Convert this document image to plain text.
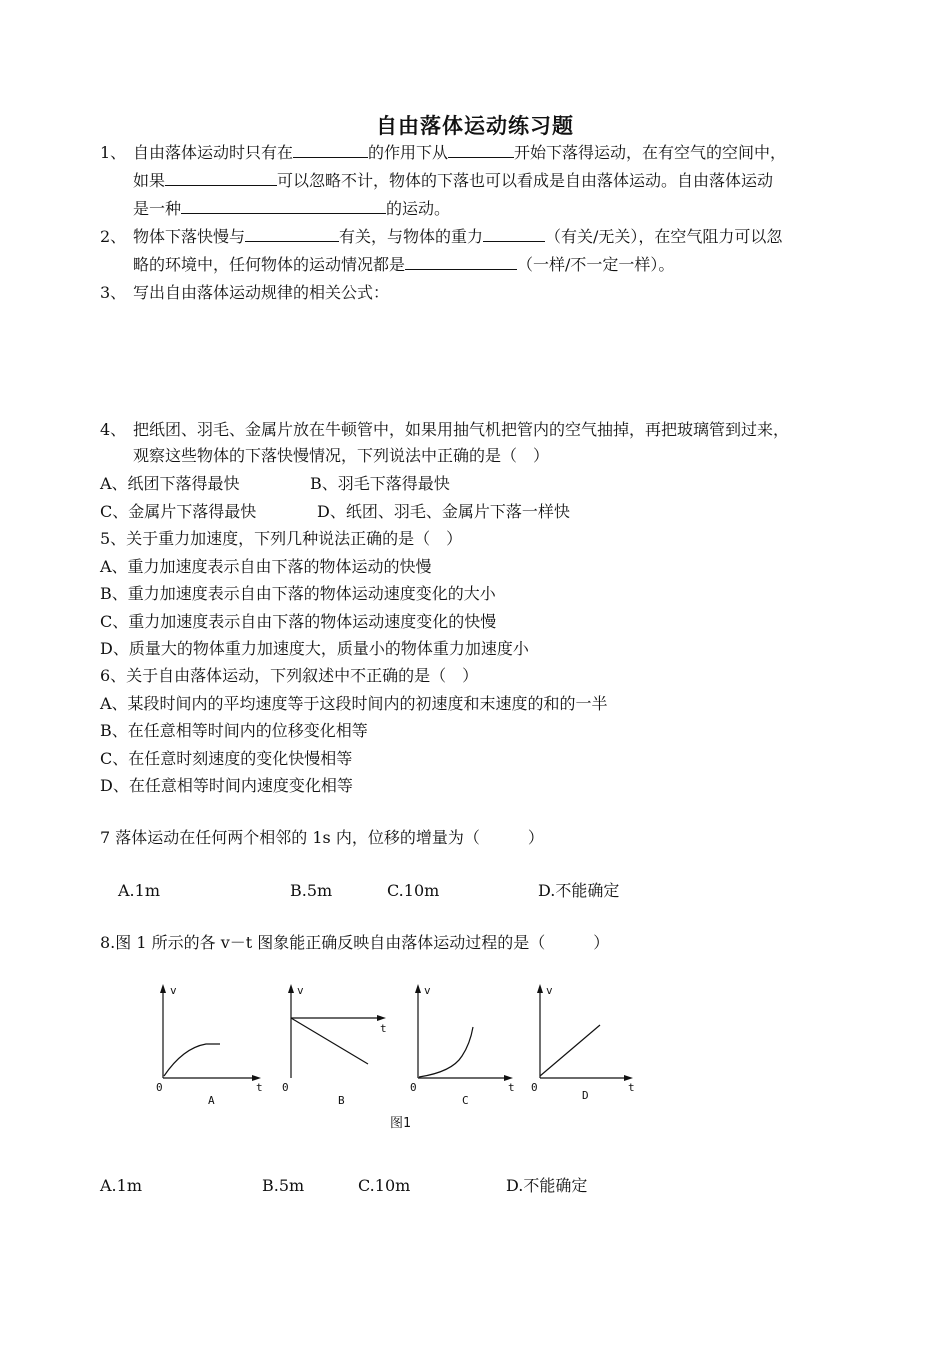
自由落体运动练习题
1、 自由落体运动时只有在	的作用下从	开始下落得运动，在有空气的空间中，
如果	可以忽略不计，物体的下落也可以看成是自由落体运动。自由落体运动
是一种	的运动。
2、 物体下落快慢与	有关，与物体的重力	（有关/无关），在空气阻力可以忽
略的环境中，任何物体的运动情况都是	（一样/不一定一样）。
3、 写出自由落体运动规律的相关公式：
4、 把纸团、羽毛、金属片放在牛顿管中，如果用抽气机把管内的空气抽掉，再把玻璃管到过来，
观察这些物体的下落快慢情况，下列说法中正确的是（　）
A、纸团下落得最快	B、羽毛下落得最快
C、金属片下落得最快	D、纸团、羽毛、金属片下落一样快
5、关于重力加速度，下列几种说法正确的是（　）
A、重力加速度表示自由下落的物体运动的快慢
B、重力加速度表示自由下落的物体运动速度变化的大小
C、重力加速度表示自由下落的物体运动速度变化的快慢
D、质量大的物体重力加速度大，质量小的物体重力加速度小
6、关于自由落体运动，下列叙述中不正确的是（　）
A、某段时间内的平均速度等于这段时间内的初速度和末速度的和的一半
B、在任意相等时间内的位移变化相等
C、在任意时刻速度的变化快慢相等
D、在任意相等时间内速度变化相等
7 落体运动在任何两个相邻的 1s 内，位移的增量为（　　　）
A.1m	B.5m	C.10m	D.不能确定
8.图 1 所示的各 v－t 图象能正确反映自由落体运动过程的是（　　　）
v
0	t
A
v
0
t
B
v
0	t
C
v
0	t
D
图1
A.1m	B.5m	C.10m	D.不能确定
